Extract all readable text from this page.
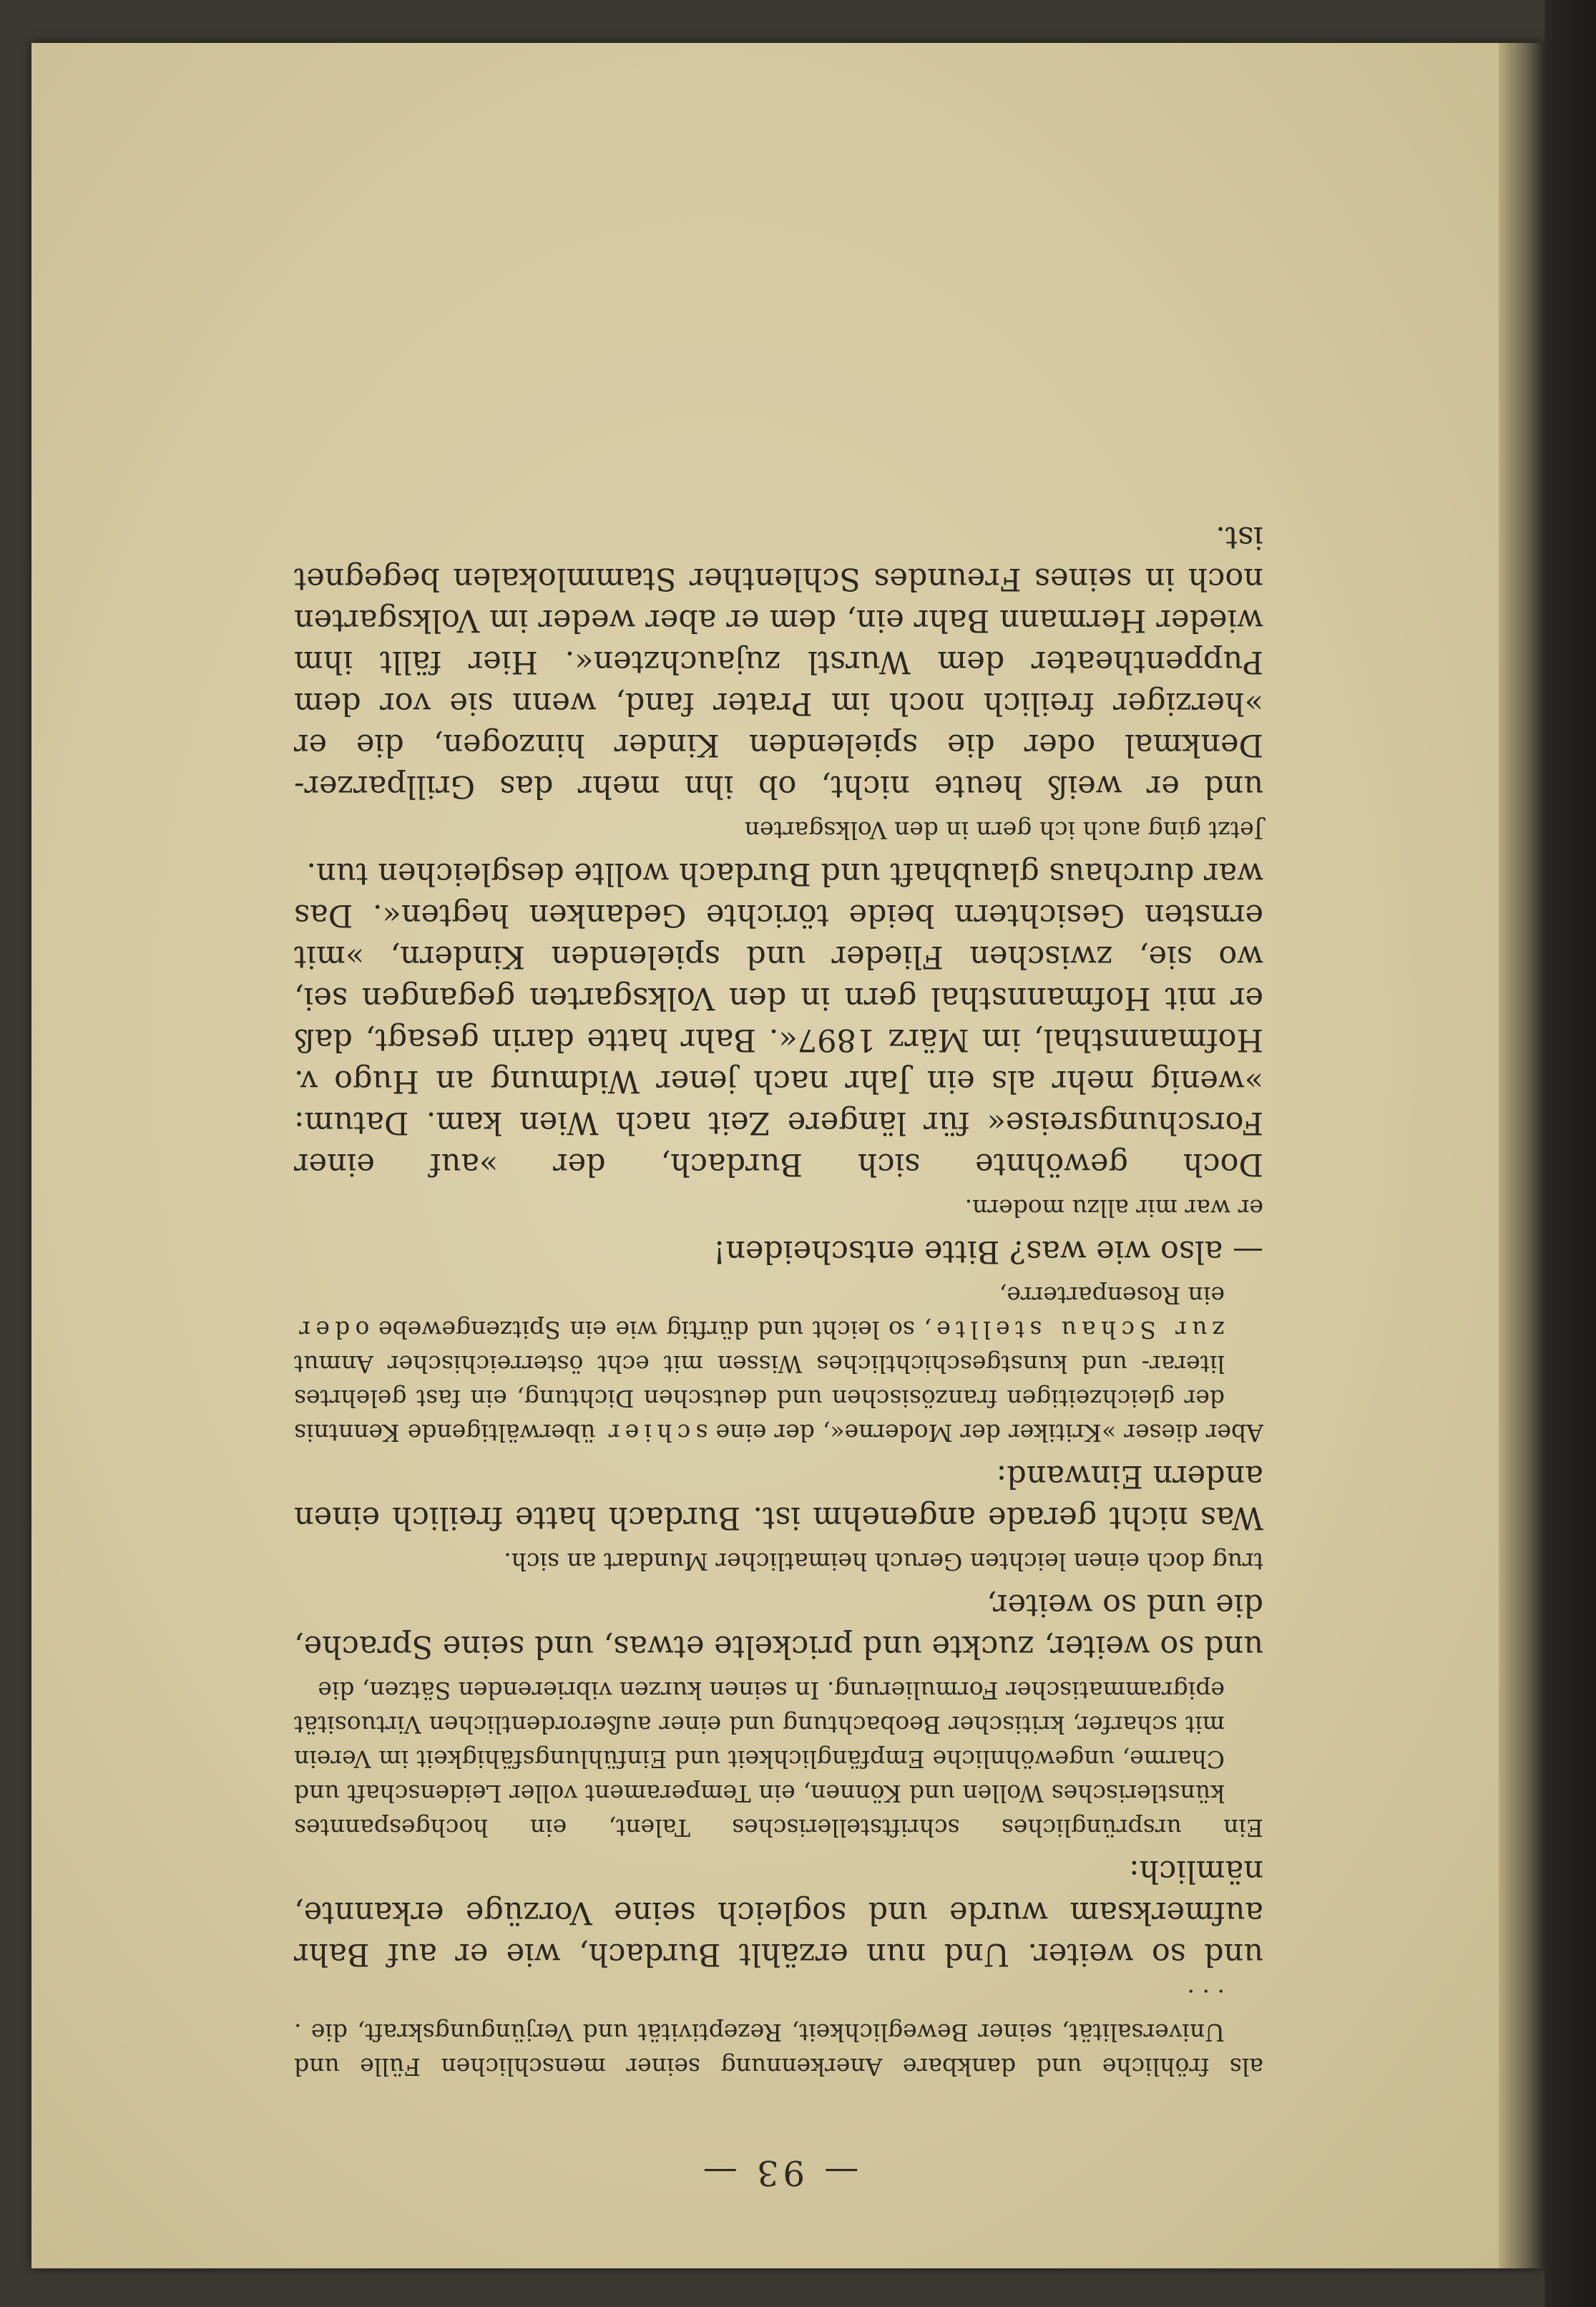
— 93 —

als fröhliche und dankbare Anerkennung seiner menschlichen Fülle und Universalität, seiner Beweglichkeit, Rezeptivität und Verjüngungskraft, die . . . .

und so weiter. Und nun erzählt Burdach, wie er auf Bahr aufmerksam wurde und sogleich seine Vorzüge erkannte, nämlich:

Ein ursprüngliches schriftstellerisches Talent, ein hochgespanntes künstlerisches Wollen und Können, ein Temperament voller Leidenschaft und Charme, ungewöhnliche Empfänglichkeit und Einfühlungsfähigkeit im Verein mit scharfer, kritischer Beobachtung und einer außerordentlichen Virtuosität epigrammatischer Formulierung. In seinen kurzen vibrierenden Sätzen, die

und so weiter, zuckte und prickelte etwas, und seine Sprache, die und so weiter,

trug doch einen leichten Geruch heimatlicher Mundart an sich.

Was nicht gerade angenehm ist. Burdach hatte freilich einen andern Einwand:

Aber dieser »Kritiker der Moderne«, der eine schier überwältigende Kenntnis der gleichzeitigen französischen und deutschen Dichtung, ein fast gelehrtes literar- und kunstgeschichtliches Wissen mit echt österreichischer Anmut zur Schau stellte, so leicht und dürftig wie ein Spitzengewebe oder ein Rosenparterre,

— also wie was? Bitte entscheiden!

er war mir allzu modern.

Doch gewöhnte sich Burdach, der »auf einer Forschungsreise« für längere Zeit nach Wien kam. Datum: »wenig mehr als ein Jahr nach jener Widmung an Hugo v. Hofmannsthal, im März 1897«. Bahr hatte darin gesagt, daß er mit Hofmannsthal gern in den Volksgarten gegangen sei, wo sie, zwischen Flieder und spielenden Kindern, »mit ernsten Gesichtern beide törichte Gedanken hegten«. Das war durchaus glaubhaft und Burdach wollte desgleichen tun.

Jetzt ging auch ich gern in den Volksgarten

und er weiß heute nicht, ob ihn mehr das Grillparzer-Denkmal oder die spielenden Kinder hinzogen, die er »herziger freilich noch im Prater fand, wenn sie vor dem Puppentheater dem Wurstl zujauchzten«. Hier fällt ihm wieder Hermann Bahr ein, dem er aber weder im Volksgarten noch in seines Freundes Schlenther Stammlokalen begegnet ist.
